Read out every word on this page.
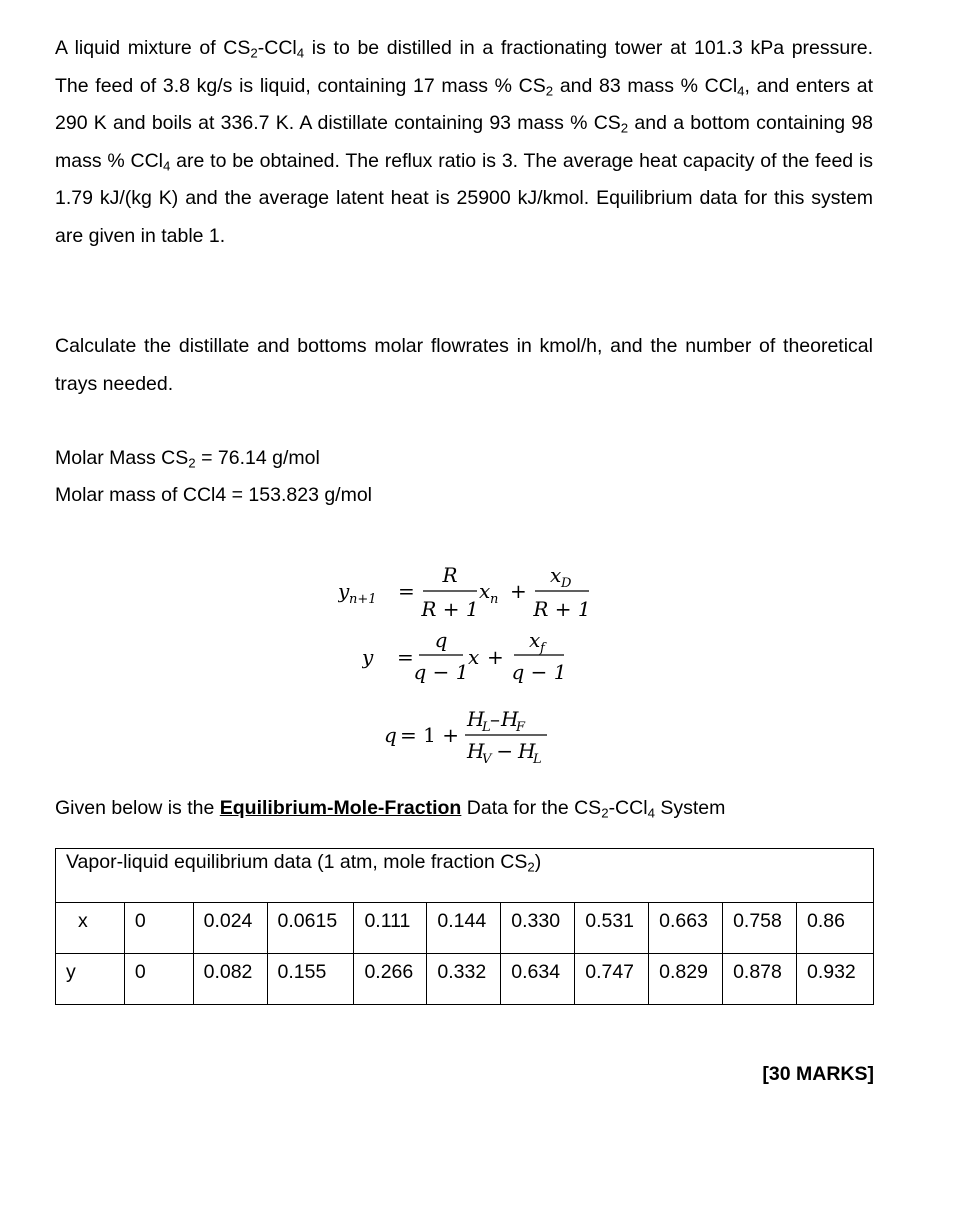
A liquid mixture of $CS_2-CCl_4$ is to be distilled in a fractionating tower at 101.3 kPa pressure. The feed of 3.8 kg/s is liquid, containing 17 mass % $CS_2$ and 83 mass % CCl$_4$, and enters at 290 K and boils at 336.7 K. A distillate containing 93 mass % $CS_2$ and a bottom containing 98 mass % CCl$_4$ are to be obtained. The reflux ratio is 3. The average heat capacity of the feed is 1.79 kJ/(kg K) and the average latent heat is 25900 kJ/kmol. Equilibrium data for this system are given in table 1.

Calculate the distillate and bottoms molar flowrates in kmol/h, and the number of theoretical trays needed.

Molar Mass $CS_2 = 76.14$ g/mol

Molar mass of CCl4 = 153.823 g/mol

y n+1 =
R
R + 1
x n +
x D
R + 1
y =
q
q − 1
x +
x f
q − 1
q = 1 +
H
L – H
F
H
V
−
H
L

Given below is the Equilibrium-Mole-Fraction Data for the $CS_2-CCl_4$ System

Vapor-liquid equilibrium data (1 atm, mole fraction $CS_2$)										
x	0	0.024	0.0615	0.111	0.144	0.330	0.531	0.663	0.758	0.86
y	0	0.082	0.155	0.266	0.332	0.634	0.747	0.829	0.878	0.932

[30 MARKS]
